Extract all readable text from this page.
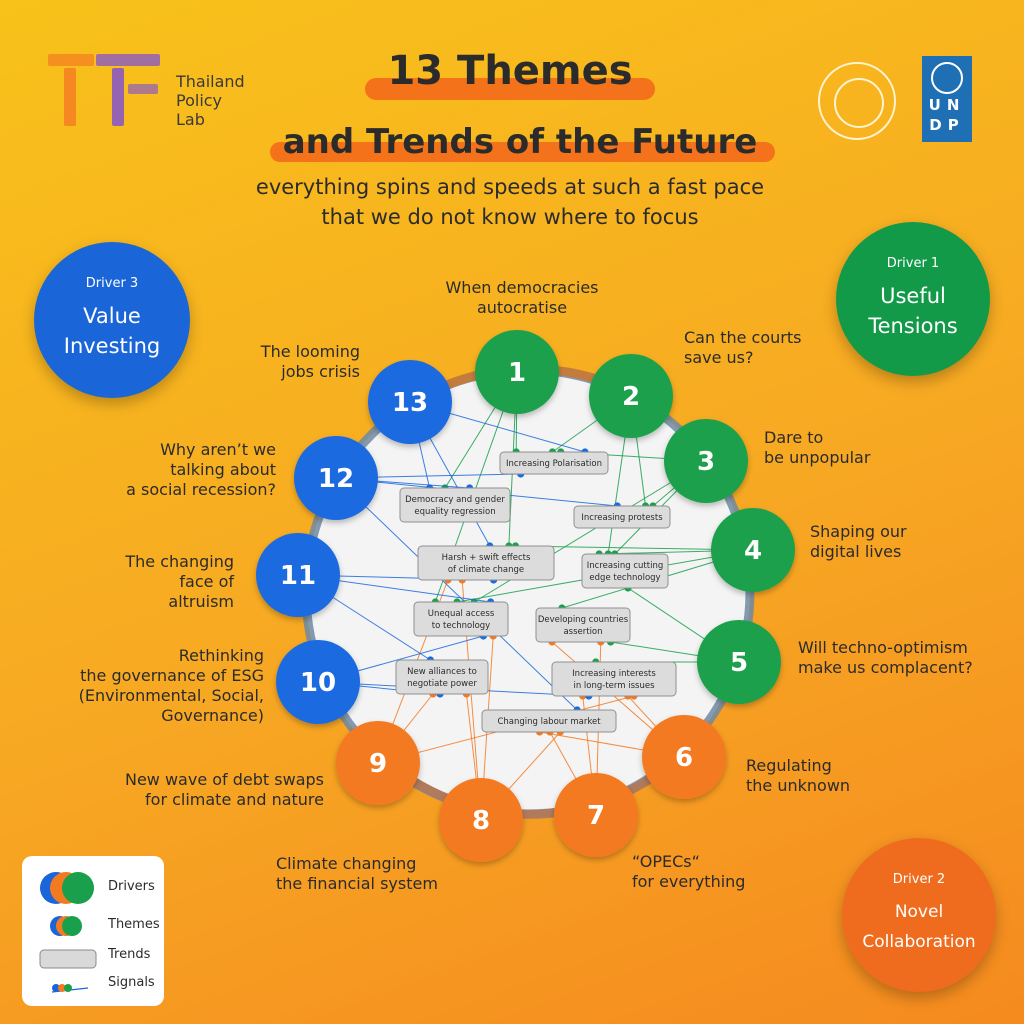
Thailand
Policy
Lab
UN
DP
13 Themes
and Trends of the Future
everything spins and speeds at such a fast pace
that we do not know where to focus
Driver 1
Useful
Tensions
Driver 2
Novel
Collaboration
Driver 3
Value
Investing
Increasing Polarisation
Democracy and gender
equality regression
Increasing protests
Harsh + swift effects
of climate change	Increasing cutting
edge technology
Unequal access
to technology
Developing countries
assertion
New alliances to
negotiate power
Increasing interests
in long-term issues
Changing labour market
1
2
3
4
5
6
7
8
9
10
11
12
13
When democracies
autocratise
Can the courts
save us?
Dare to
be unpopular
Shaping our
digital lives
Will techno-optimism
make us complacent?
Regulating
the unknown
“OPECs“
for everything
Climate changing
the financial system
New wave of debt swaps
for climate and nature
Rethinking
the governance of ESG
(Environmental, Social,
Governance)
The changing
face of altruism
Why aren’t we
talking about
a social recession?
The looming
jobs crisis
Drivers
Themes
Trends
Signals
